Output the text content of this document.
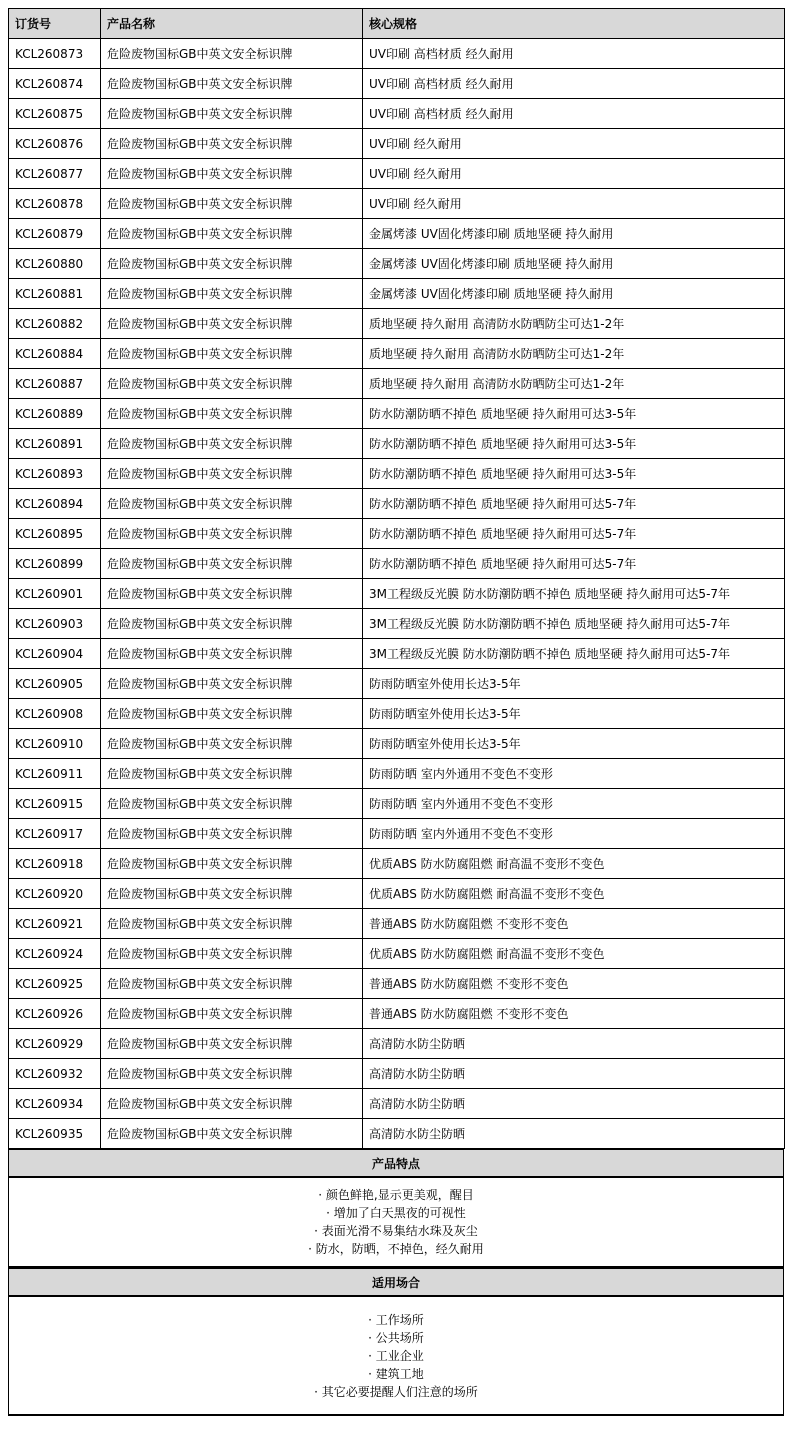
订货号	产品名称	核心规格
KCL260873	危险废物国标GB中英文安全标识牌	UV印刷 高档材质 经久耐用
KCL260874	危险废物国标GB中英文安全标识牌	UV印刷 高档材质 经久耐用
KCL260875	危险废物国标GB中英文安全标识牌	UV印刷 高档材质 经久耐用
KCL260876	危险废物国标GB中英文安全标识牌	UV印刷 经久耐用
KCL260877	危险废物国标GB中英文安全标识牌	UV印刷 经久耐用
KCL260878	危险废物国标GB中英文安全标识牌	UV印刷 经久耐用
KCL260879	危险废物国标GB中英文安全标识牌	金属烤漆 UV固化烤漆印刷 质地坚硬 持久耐用
KCL260880	危险废物国标GB中英文安全标识牌	金属烤漆 UV固化烤漆印刷 质地坚硬 持久耐用
KCL260881	危险废物国标GB中英文安全标识牌	金属烤漆 UV固化烤漆印刷 质地坚硬 持久耐用
KCL260882	危险废物国标GB中英文安全标识牌	质地坚硬 持久耐用 高清防水防晒防尘可达1-2年
KCL260884	危险废物国标GB中英文安全标识牌	质地坚硬 持久耐用 高清防水防晒防尘可达1-2年
KCL260887	危险废物国标GB中英文安全标识牌	质地坚硬 持久耐用 高清防水防晒防尘可达1-2年
KCL260889	危险废物国标GB中英文安全标识牌	防水防潮防晒不掉色 质地坚硬 持久耐用可达3-5年
KCL260891	危险废物国标GB中英文安全标识牌	防水防潮防晒不掉色 质地坚硬 持久耐用可达3-5年
KCL260893	危险废物国标GB中英文安全标识牌	防水防潮防晒不掉色 质地坚硬 持久耐用可达3-5年
KCL260894	危险废物国标GB中英文安全标识牌	防水防潮防晒不掉色 质地坚硬 持久耐用可达5-7年
KCL260895	危险废物国标GB中英文安全标识牌	防水防潮防晒不掉色 质地坚硬 持久耐用可达5-7年
KCL260899	危险废物国标GB中英文安全标识牌	防水防潮防晒不掉色 质地坚硬 持久耐用可达5-7年
KCL260901	危险废物国标GB中英文安全标识牌	3M工程级反光膜 防水防潮防晒不掉色 质地坚硬 持久耐用可达5-7年
KCL260903	危险废物国标GB中英文安全标识牌	3M工程级反光膜 防水防潮防晒不掉色 质地坚硬 持久耐用可达5-7年
KCL260904	危险废物国标GB中英文安全标识牌	3M工程级反光膜 防水防潮防晒不掉色 质地坚硬 持久耐用可达5-7年
KCL260905	危险废物国标GB中英文安全标识牌	防雨防晒室外使用长达3-5年
KCL260908	危险废物国标GB中英文安全标识牌	防雨防晒室外使用长达3-5年
KCL260910	危险废物国标GB中英文安全标识牌	防雨防晒室外使用长达3-5年
KCL260911	危险废物国标GB中英文安全标识牌	防雨防晒 室内外通用不变色不变形
KCL260915	危险废物国标GB中英文安全标识牌	防雨防晒 室内外通用不变色不变形
KCL260917	危险废物国标GB中英文安全标识牌	防雨防晒 室内外通用不变色不变形
KCL260918	危险废物国标GB中英文安全标识牌	优质ABS 防水防腐阻燃 耐高温不变形不变色
KCL260920	危险废物国标GB中英文安全标识牌	优质ABS 防水防腐阻燃 耐高温不变形不变色
KCL260921	危险废物国标GB中英文安全标识牌	普通ABS 防水防腐阻燃 不变形不变色
KCL260924	危险废物国标GB中英文安全标识牌	优质ABS 防水防腐阻燃 耐高温不变形不变色
KCL260925	危险废物国标GB中英文安全标识牌	普通ABS 防水防腐阻燃 不变形不变色
KCL260926	危险废物国标GB中英文安全标识牌	普通ABS 防水防腐阻燃 不变形不变色
KCL260929	危险废物国标GB中英文安全标识牌	高清防水防尘防晒
KCL260932	危险废物国标GB中英文安全标识牌	高清防水防尘防晒
KCL260934	危险废物国标GB中英文安全标识牌	高清防水防尘防晒
KCL260935	危险废物国标GB中英文安全标识牌	高清防水防尘防晒
产品特点
· 颜色鲜艳,显示更美观，醒目
· 增加了白天黑夜的可视性
· 表面光滑不易集结水珠及灰尘
· 防水，防晒，不掉色，经久耐用
适用场合
· 工作场所
· 公共场所
· 工业企业
· 建筑工地
· 其它必要提醒人们注意的场所
